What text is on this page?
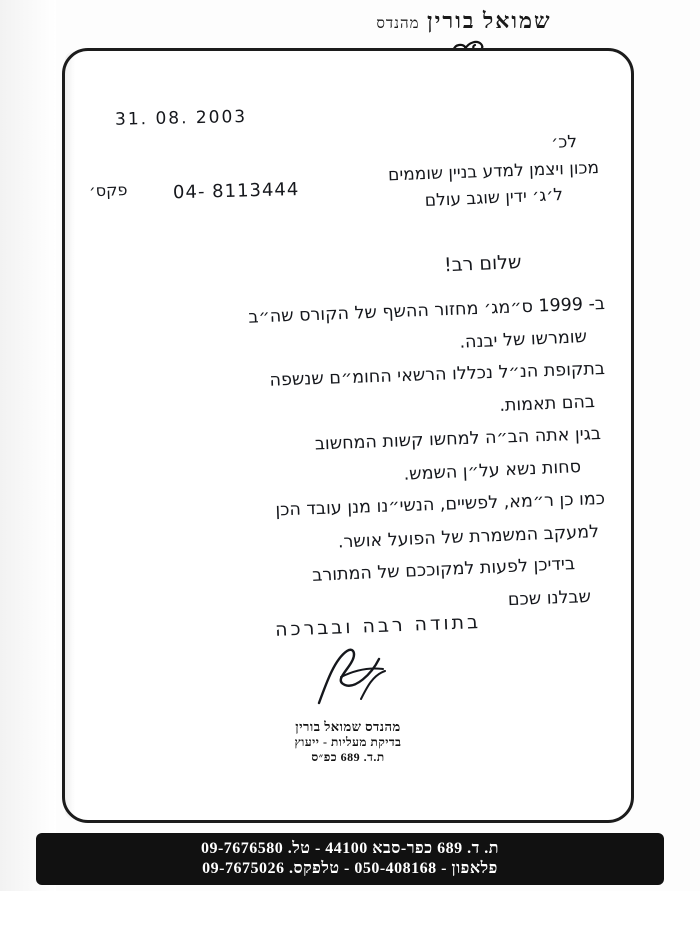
שמואל בורין מהנדס
31. 08. 2003
לכ׳
מכון ויצמן למדע בניין שוממים
ל׳ג׳ ידין שוגב עולם
פקס׳	04- 8113444
שלום רב!
ב- 1999 ס״מג׳ מחזור ההשף של הקורס שה״ב
שומרשו של יבנה.
בתקופת הנ״ל נכללו הרשאי החומ״ם שנשפה
בהם תאמות.
בגין אתה הב״ה למחשו קשות המחשוב
סחות נשא על״ן השמש.
כמו כן ר״מא, לפשיים, הנשי״נו מנן עובד הכן
למעקב המשמרת של הפועל אושר.
בידיכן לפעות למקוככם של המתורב
שבלנו שכם
בתודה רבה ובברכה
מהנדס שמואל בורין
בדיקת מעליות - ייעוץ
ת.ד. 689 כפ״ס
ת. ד. 689 כפר-סבא 44100 - טל. 09-7676580
פלאפון - 050-408168 - טלפקס. 09-7675026
